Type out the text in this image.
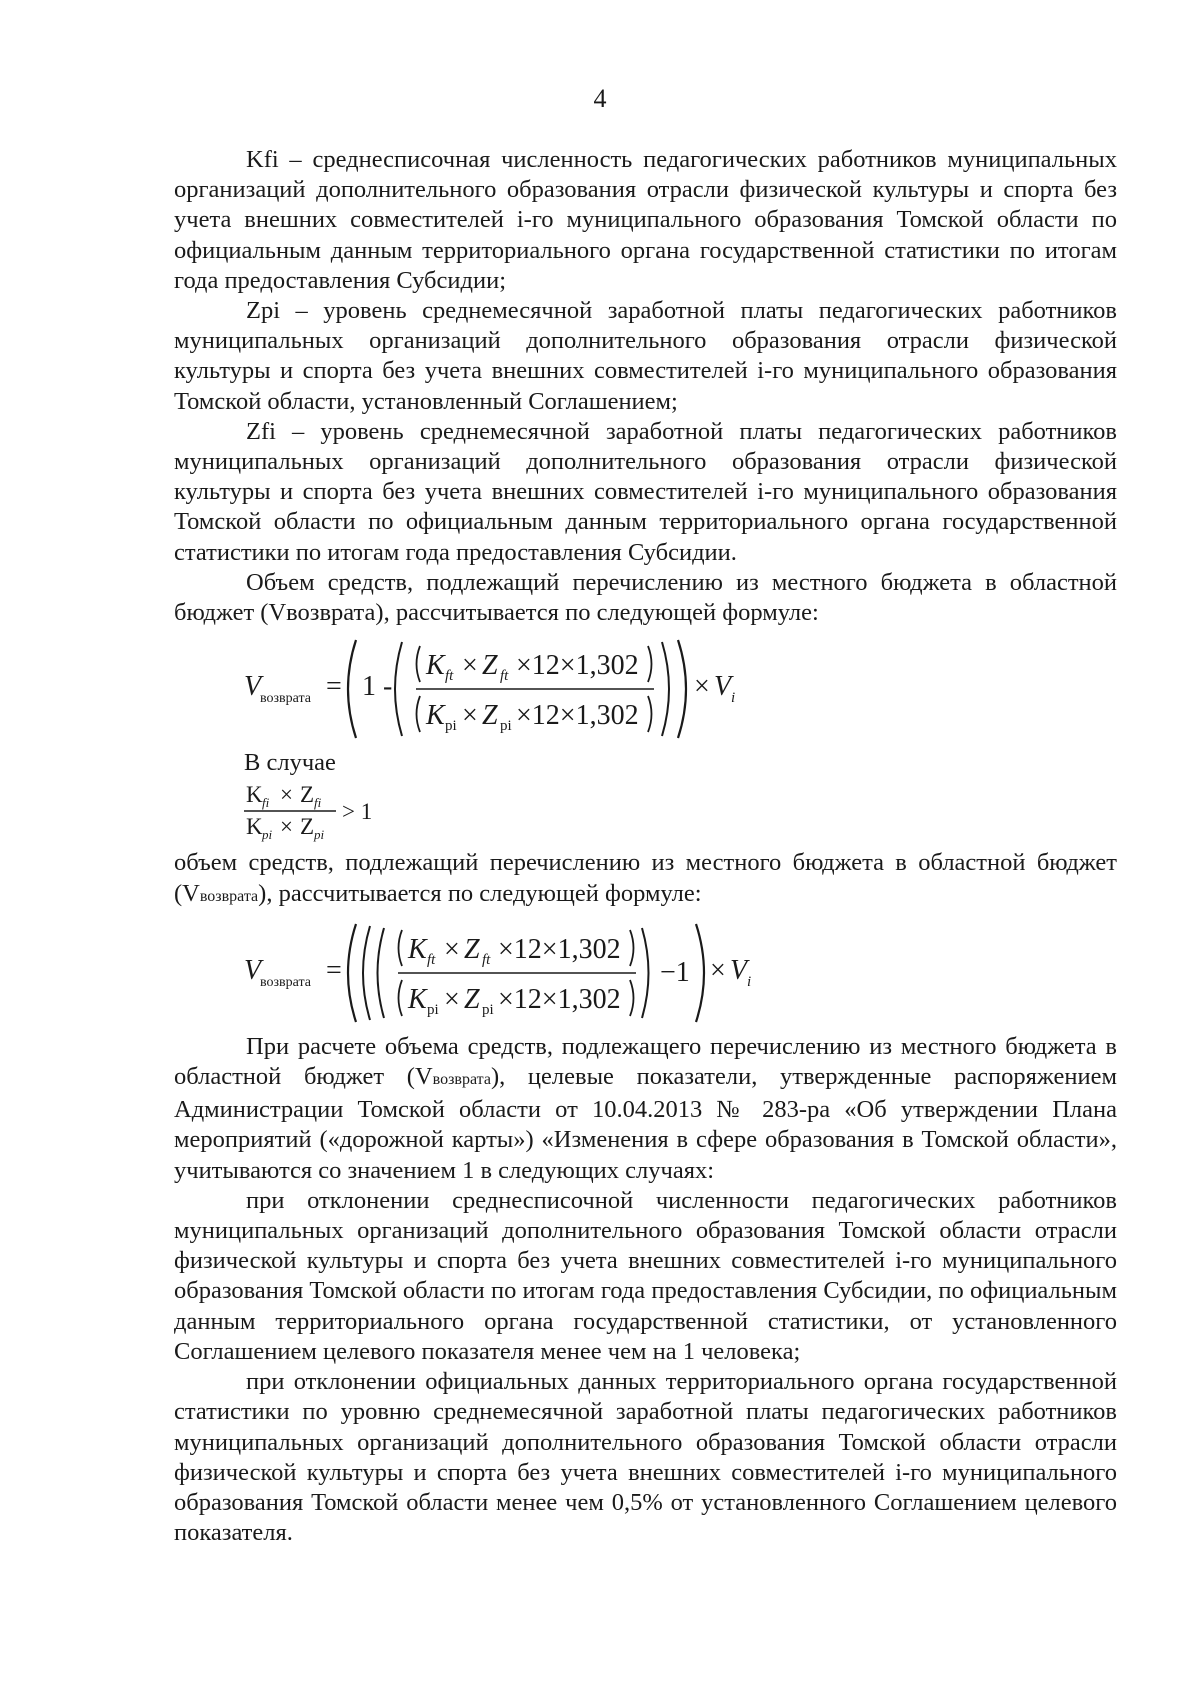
4

Kfi – среднесписочная численность педагогических работников муниципальных организаций дополнительного образования отрасли физической культуры и спорта без учета внешних совместителей i-го муниципального образования Томской области по официальным данным территориального органа государственной статистики по итогам года предоставления Субсидии;

Zpi – уровень среднемесячной заработной платы педагогических работников муниципальных организаций дополнительного образования отрасли физической культуры и спорта без учета внешних совместителей i-го муниципального образования Томской области, установленный Соглашением;

Zfi – уровень среднемесячной заработной платы педагогических работников муниципальных организаций дополнительного образования отрасли физической культуры и спорта без учета внешних совместителей i-го муниципального образования Томской области по официальным данным территориального органа государственной статистики по итогам года предоставления Субсидии.

Объем средств, подлежащий перечислению из местного бюджета в областной бюджет (Vвозврата), рассчитывается по следующей формуле:

V
возврата = 1 -
K ft × Z ft ×12×1,302
K pi × Z pi ×12×1,302
× V i

В случае

K fi × Z fi
K pi × Z pi
> 1

объем средств, подлежащий перечислению из местного бюджета в областной бюджет (Vвозврата), рассчитывается по следующей формуле:

V
возврата =
K ft × Z ft ×12×1,302
K pi × Z pi ×12×1,302
−1 × V i

При расчете объема средств, подлежащего перечислению из местного бюджета в областной бюджет (Vвозврата), целевые показатели, утвержденные распоряжением Администрации Томской области от 10.04.2013 № 283-ра «Об утверждении Плана мероприятий («дорожной карты») «Изменения в сфере образования в Томской области», учитываются со значением 1 в следующих случаях:

при отклонении среднесписочной численности педагогических работников муниципальных организаций дополнительного образования Томской области отрасли физической культуры и спорта без учета внешних совместителей i-го муниципального образования Томской области по итогам года предоставления Субсидии, по официальным данным территориального органа государственной статистики, от установленного Соглашением целевого показателя менее чем на 1 человека;

при отклонении официальных данных территориального органа государственной статистики по уровню среднемесячной заработной платы педагогических работников муниципальных организаций дополнительного образования Томской области отрасли физической культуры и спорта без учета внешних совместителей i-го муниципального образования Томской области менее чем 0,5% от установленного Соглашением целевого показателя.
